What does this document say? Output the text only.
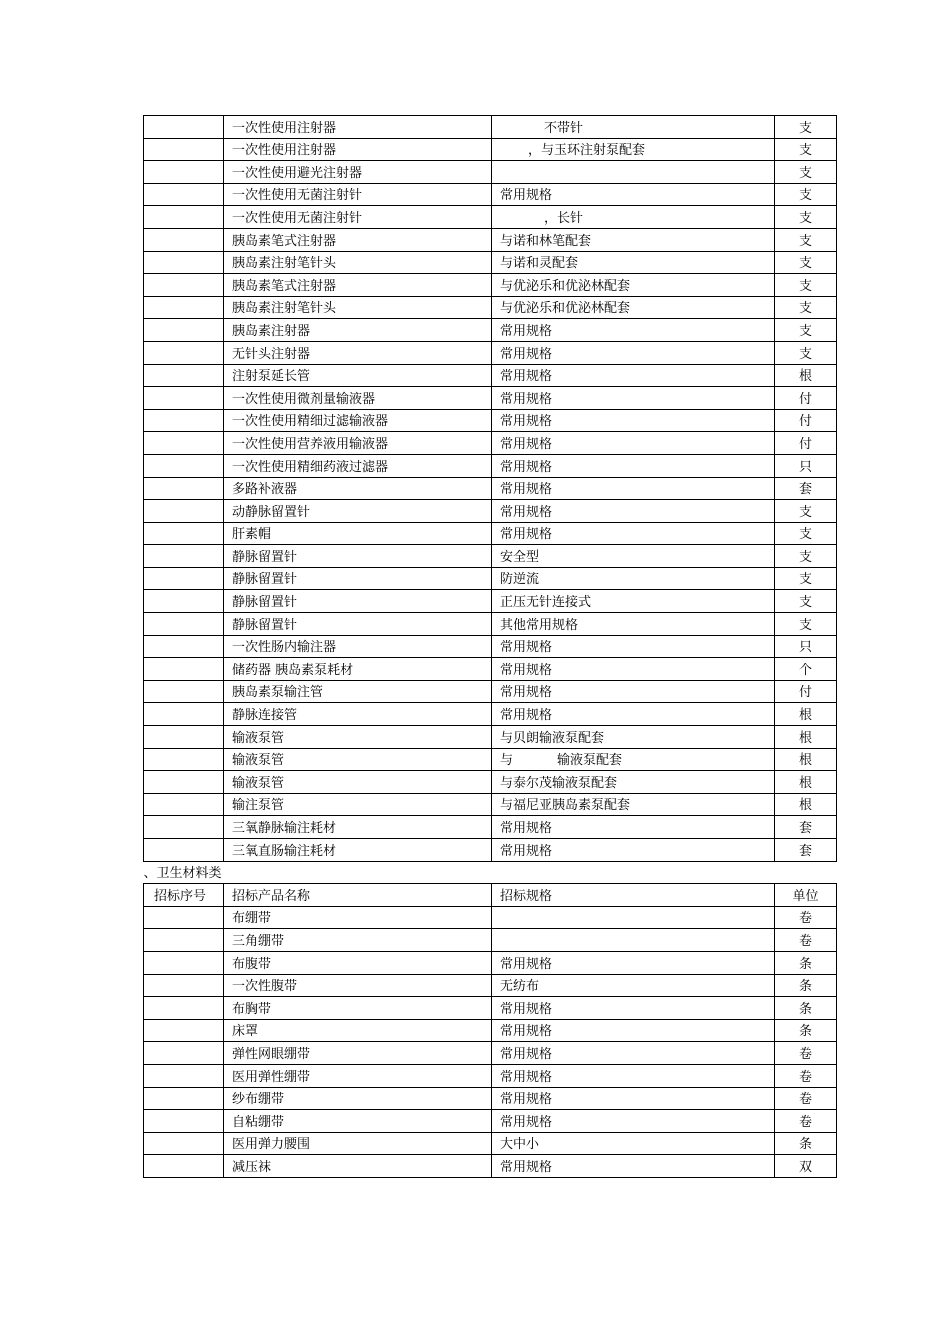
	一次性使用注射器	不带针	支
	一次性使用注射器	，与玉环注射泵配套	支
	一次性使用避光注射器		支
	一次性使用无菌注射针	常用规格	支
	一次性使用无菌注射针	，长针	支
	胰岛素笔式注射器	与诺和林笔配套	支
	胰岛素注射笔针头	与诺和灵配套	支
	胰岛素笔式注射器	与优泌乐和优泌林配套	支
	胰岛素注射笔针头	与优泌乐和优泌林配套	支
	胰岛素注射器	常用规格	支
	无针头注射器	常用规格	支
	注射泵延长管	常用规格	根
	一次性使用微剂量输液器	常用规格	付
	一次性使用精细过滤输液器	常用规格	付
	一次性使用营养液用输液器	常用规格	付
	一次性使用精细药液过滤器	常用规格	只
	多路补液器	常用规格	套
	动静脉留置针	常用规格	支
	肝素帽	常用规格	支
	静脉留置针	安全型	支
	静脉留置针	防逆流	支
	静脉留置针	正压无针连接式	支
	静脉留置针	其他常用规格	支
	一次性肠内输注器	常用规格	只
	储药器 胰岛素泵耗材	常用规格	个
	胰岛素泵输注管	常用规格	付
	静脉连接管	常用规格	根
	输液泵管	与贝朗输液泵配套	根
	输液泵管	与 输液泵配套	根
	输液泵管	与泰尔茂输液泵配套	根
	输注泵管	与福尼亚胰岛素泵配套	根
	三氧静脉输注耗材	常用规格	套
	三氧直肠输注耗材	常用规格	套
、卫生材料类			
招标序号	招标产品名称	招标规格	单位
	布绷带		卷
	三角绷带		卷
	布腹带	常用规格	条
	一次性腹带	无纺布	条
	布胸带	常用规格	条
	床罩	常用规格	条
	弹性网眼绷带	常用规格	卷
	医用弹性绷带	常用规格	卷
	纱布绷带	常用规格	卷
	自粘绷带	常用规格	卷
	医用弹力腰围	大中小	条
	减压袜	常用规格	双
